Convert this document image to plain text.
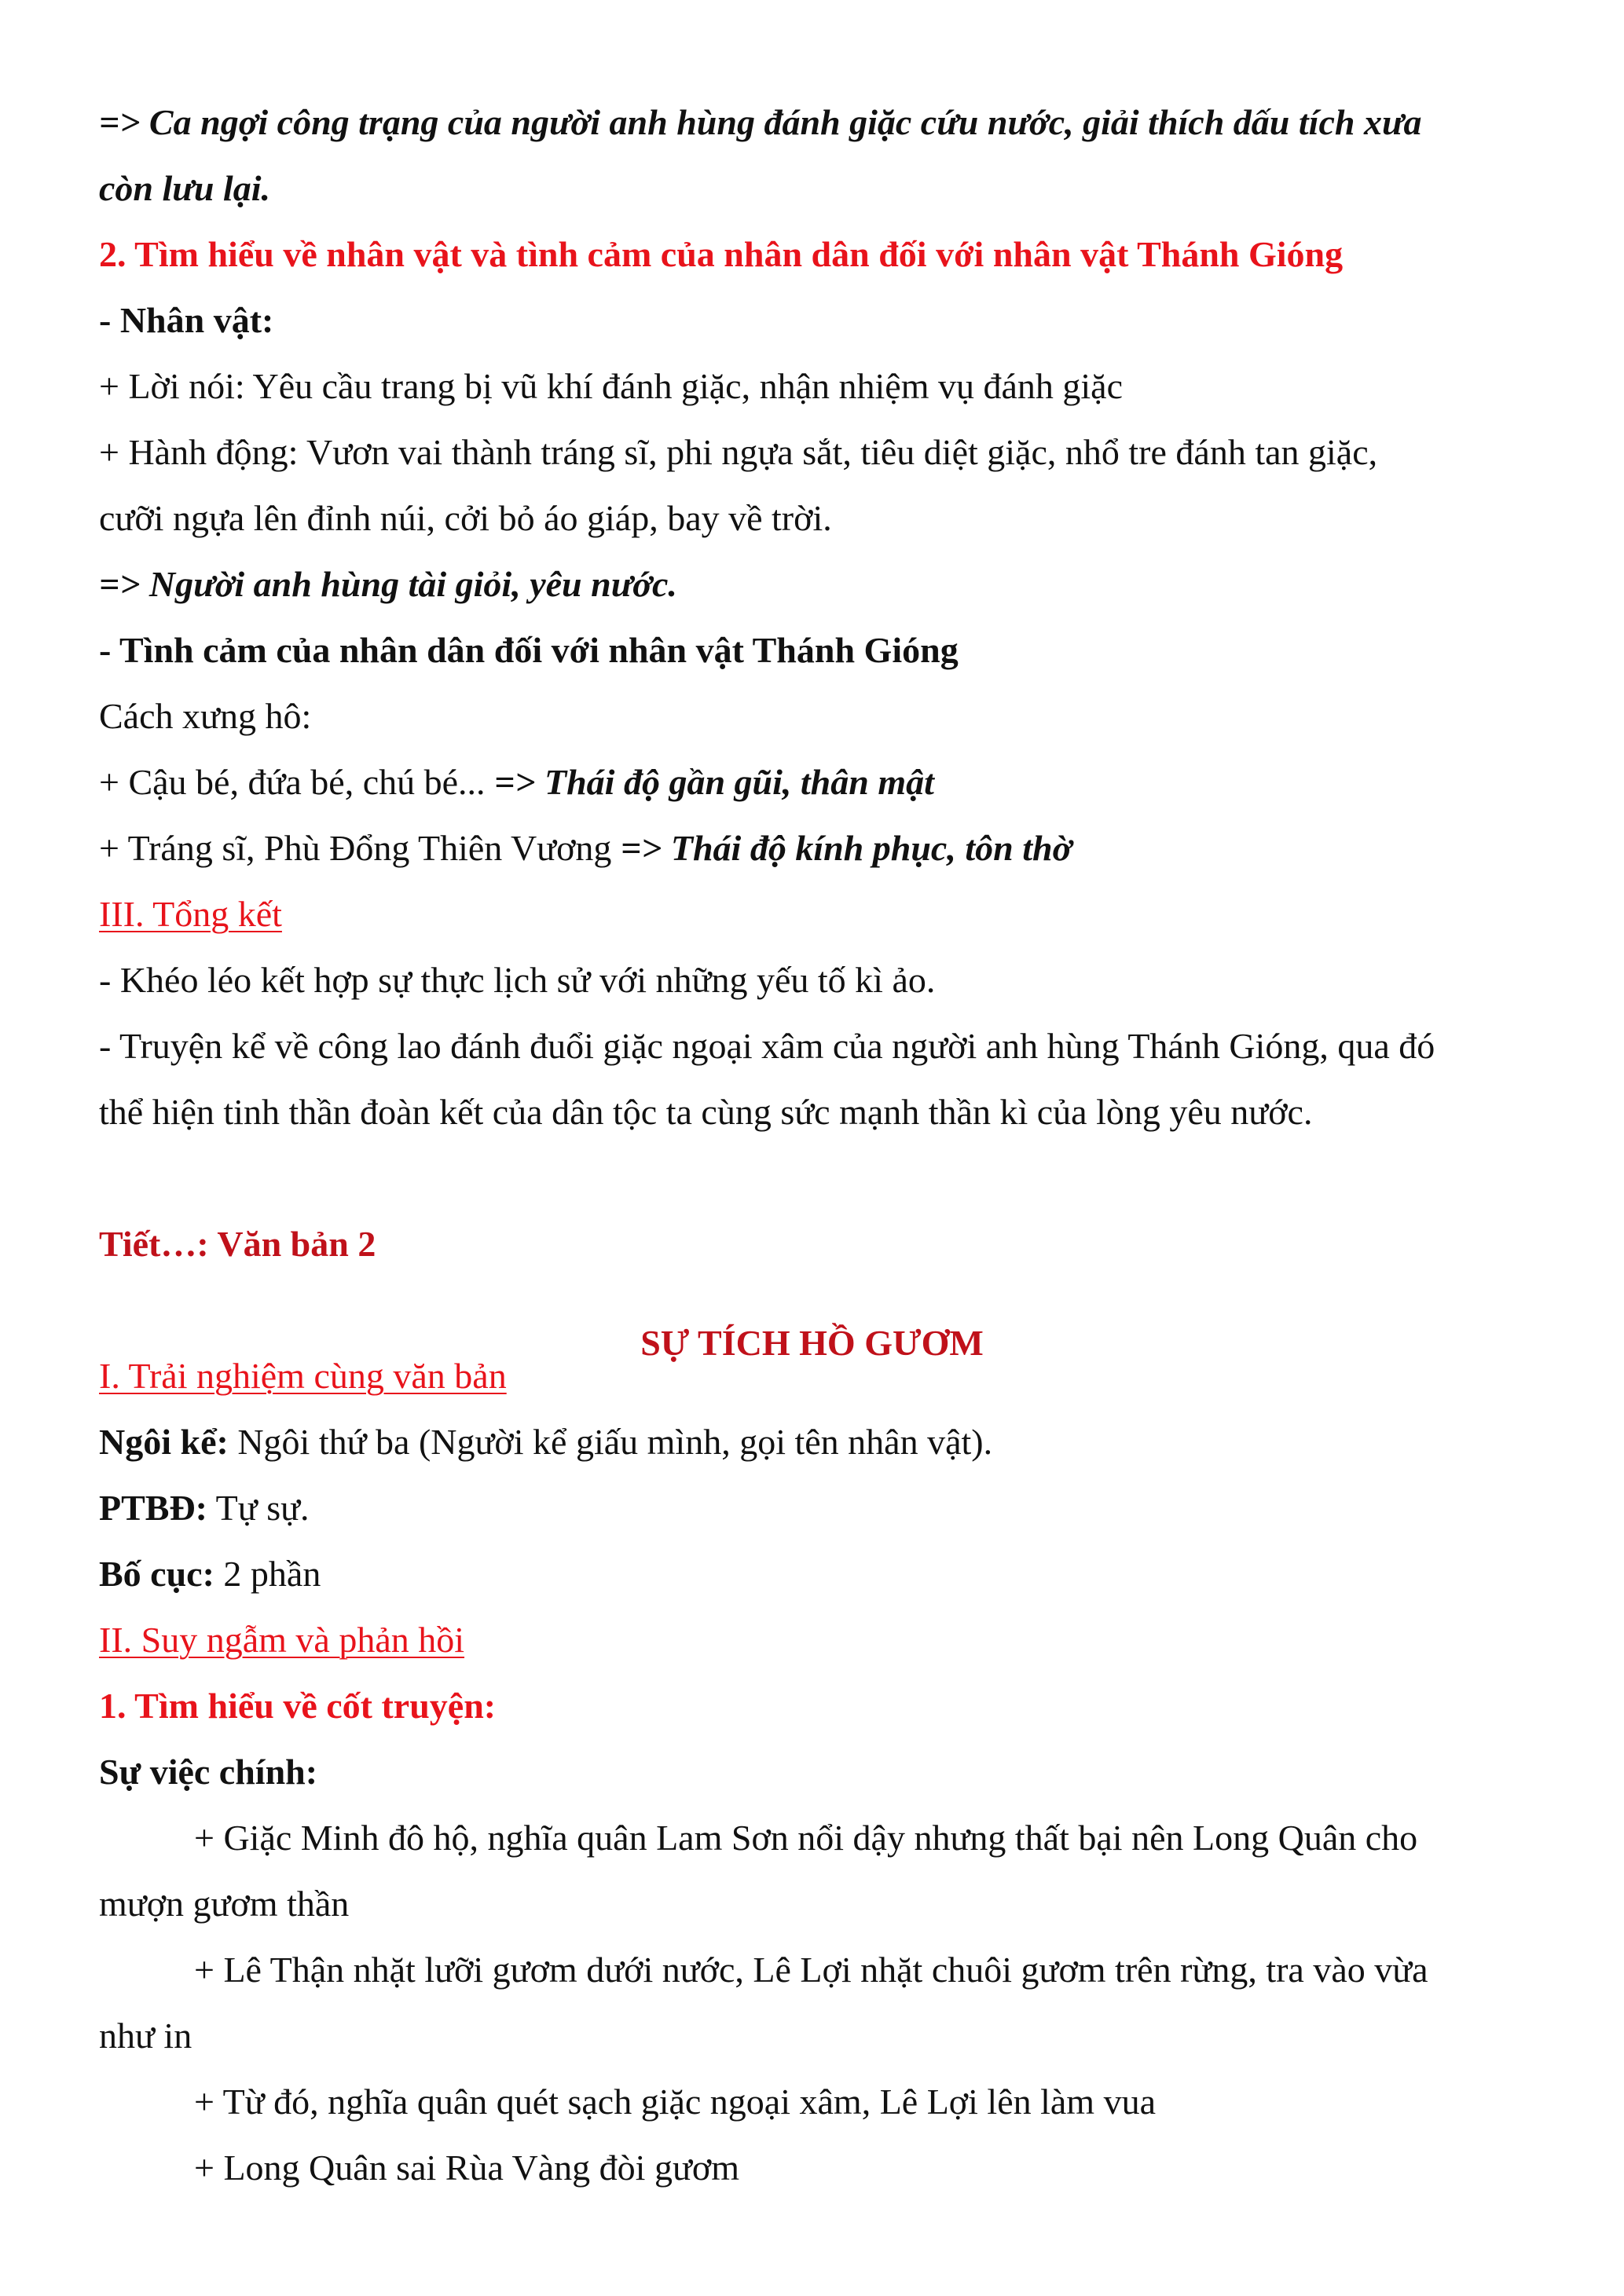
=> Ca ngợi công trạng của người anh hùng đánh giặc cứu nước, giải thích dấu tích xưa
còn lưu lại.
2. Tìm hiểu về nhân vật và tình cảm của nhân dân đối với nhân vật Thánh Gióng
- Nhân vật:
+ Lời nói: Yêu cầu trang bị vũ khí đánh giặc, nhận nhiệm vụ đánh giặc
+ Hành động: Vươn vai thành tráng sĩ, phi ngựa sắt, tiêu diệt giặc, nhổ tre đánh tan giặc,
cưỡi ngựa lên đỉnh núi, cởi bỏ áo giáp, bay về trời.
=> Người anh hùng tài giỏi, yêu nước.
- Tình cảm của nhân dân đối với nhân vật Thánh Gióng
Cách xưng hô:
+ Cậu bé, đứa bé, chú bé... => Thái độ gần gũi, thân mật
+ Tráng sĩ, Phù Đổng Thiên Vương => Thái độ kính phục, tôn thờ
III. Tổng kết
- Khéo léo kết hợp sự thực lịch sử với những yếu tố kì ảo.
- Truyện kể về công lao đánh đuổi giặc ngoại xâm của người anh hùng Thánh Gióng, qua đó
thể hiện tinh thần đoàn kết của dân tộc ta cùng sức mạnh thần kì của lòng yêu nước.
Tiết…: Văn bản 2
SỰ TÍCH HỒ GƯƠM
I. Trải nghiệm cùng văn bản
Ngôi kể: Ngôi thứ ba (Người kể giấu mình, gọi tên nhân vật).
PTBĐ: Tự sự.
Bố cục: 2 phần
II. Suy ngẫm và phản hồi
1. Tìm hiểu về cốt truyện:
Sự việc chính:
+ Giặc Minh đô hộ, nghĩa quân Lam Sơn nổi dậy nhưng thất bại nên Long Quân cho
mượn gươm thần
+ Lê Thận nhặt lưỡi gươm dưới nước, Lê Lợi nhặt chuôi gươm trên rừng, tra vào vừa
như in
+ Từ đó, nghĩa quân quét sạch giặc ngoại xâm, Lê Lợi lên làm vua
+ Long Quân sai Rùa Vàng đòi gươm
